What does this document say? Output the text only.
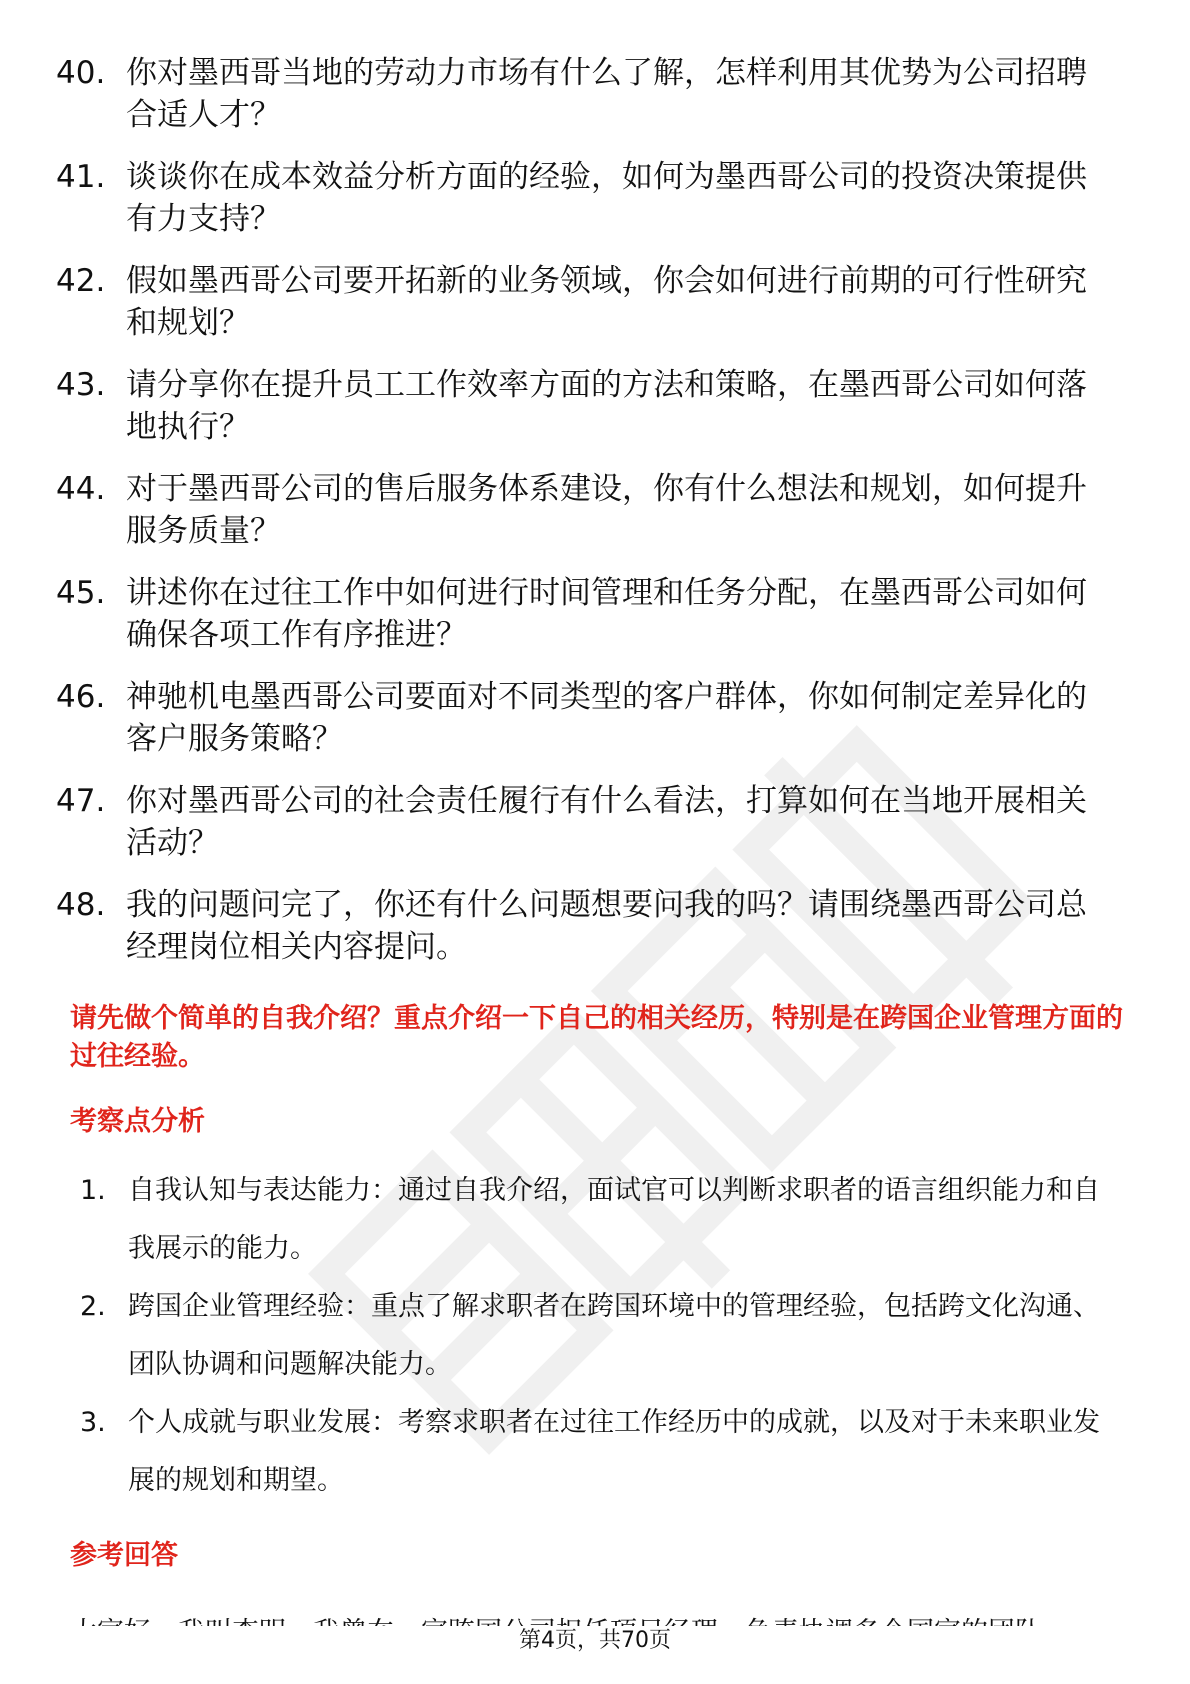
40. 你对墨西哥当地的劳动力市场有什么了解，怎样利用其优势为公司招聘合适人才？
41. 谈谈你在成本效益分析方面的经验，如何为墨西哥公司的投资决策提供有力支持？
42. 假如墨西哥公司要开拓新的业务领域，你会如何进行前期的可行性研究和规划？
43. 请分享你在提升员工工作效率方面的方法和策略，在墨西哥公司如何落地执行？
44. 对于墨西哥公司的售后服务体系建设，你有什么想法和规划，如何提升服务质量？
45. 讲述你在过往工作中如何进行时间管理和任务分配，在墨西哥公司如何确保各项工作有序推进？
46. 神驰机电墨西哥公司要面对不同类型的客户群体，你如何制定差异化的客户服务策略？
47. 你对墨西哥公司的社会责任履行有什么看法，打算如何在当地开展相关活动？
48. 我的问题问完了，你还有什么问题想要问我的吗？请围绕墨西哥公司总经理岗位相关内容提问。
请先做个简单的自我介绍？重点介绍一下自己的相关经历，特别是在跨国企业管理方面的过往经验。
考察点分析
1. 自我认知与表达能力：通过自我介绍，面试官可以判断求职者的语言组织能力和自我展示的能力。
2. 跨国企业管理经验：重点了解求职者在跨国环境中的管理经验，包括跨文化沟通、团队协调和问题解决能力。
3. 个人成就与职业发展：考察求职者在过往工作经历中的成就，以及对于未来职业发展的规划和期望。
参考回答
第4页，共70页
